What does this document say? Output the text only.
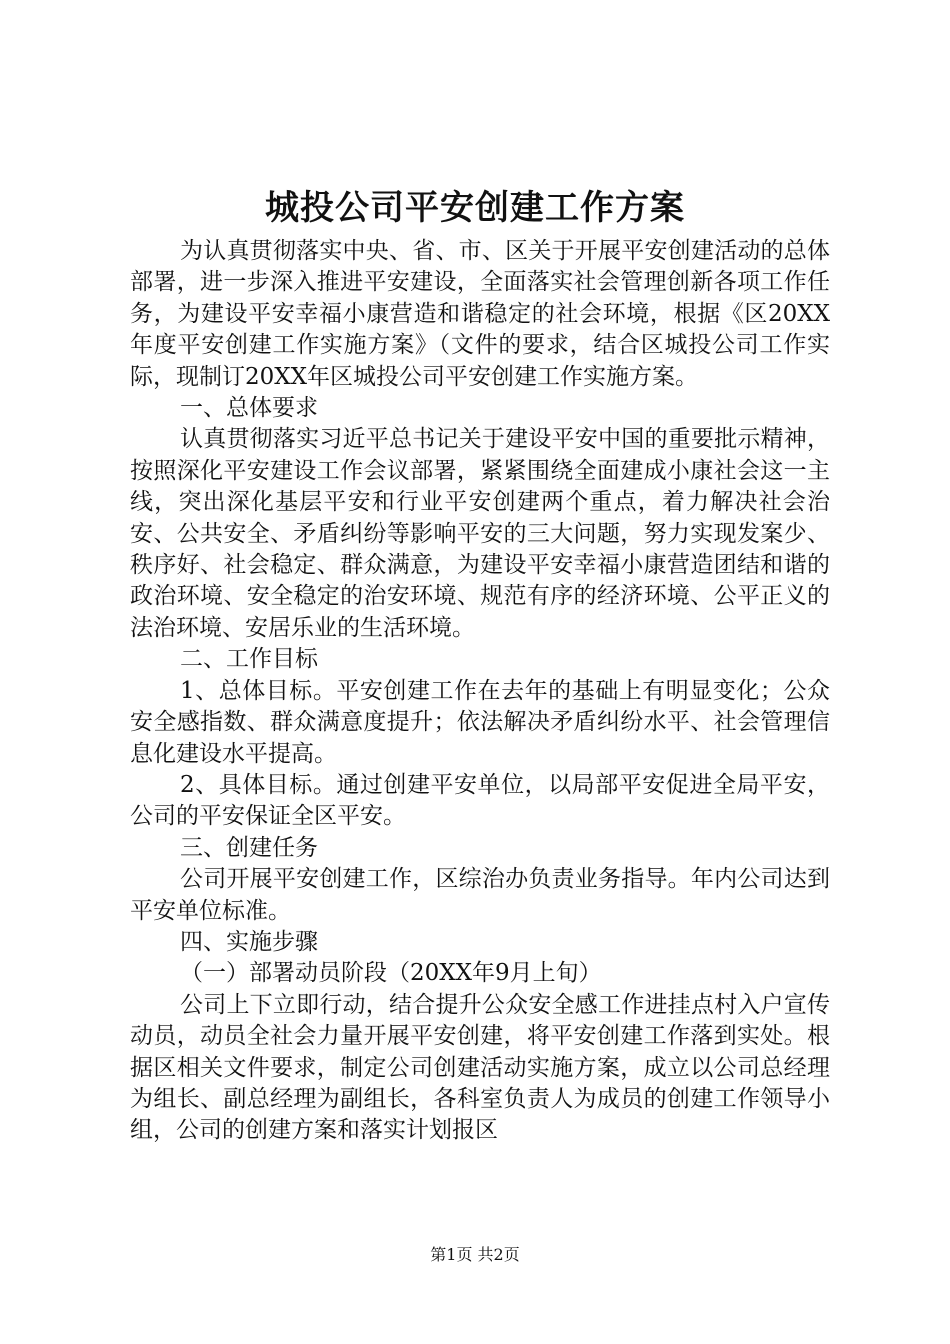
城投公司平安创建工作方案

为认真贯彻落实中央、省、市、区关于开展平安创建活动的总体部署，进一步深入推进平安建设，全面落实社会管理创新各项工作任务，为建设平安幸福小康营造和谐稳定的社会环境，根据《区20XX年度平安创建工作实施方案》（文件的要求，结合区城投公司工作实际，现制订20XX年区城投公司平安创建工作实施方案。

一、总体要求

认真贯彻落实习近平总书记关于建设平安中国的重要批示精神，按照深化平安建设工作会议部署，紧紧围绕全面建成小康社会这一主线，突出深化基层平安和行业平安创建两个重点，着力解决社会治安、公共安全、矛盾纠纷等影响平安的三大问题，努力实现发案少、秩序好、社会稳定、群众满意，为建设平安幸福小康营造团结和谐的政治环境、安全稳定的治安环境、规范有序的经济环境、公平正义的法治环境、安居乐业的生活环境。

二、工作目标

1、总体目标。平安创建工作在去年的基础上有明显变化；公众安全感指数、群众满意度提升；依法解决矛盾纠纷水平、社会管理信息化建设水平提高。

2、具体目标。通过创建平安单位，以局部平安促进全局平安，公司的平安保证全区平安。

三、创建任务

公司开展平安创建工作，区综治办负责业务指导。年内公司达到平安单位标准。

四、实施步骤

（一）部署动员阶段（20XX年9月上旬）

公司上下立即行动，结合提升公众安全感工作进挂点村入户宣传动员，动员全社会力量开展平安创建，将平安创建工作落到实处。根据区相关文件要求，制定公司创建活动实施方案，成立以公司总经理为组长、副总经理为副组长，各科室负责人为成员的创建工作领导小组，公司的创建方案和落实计划报区

第1页 共2页
